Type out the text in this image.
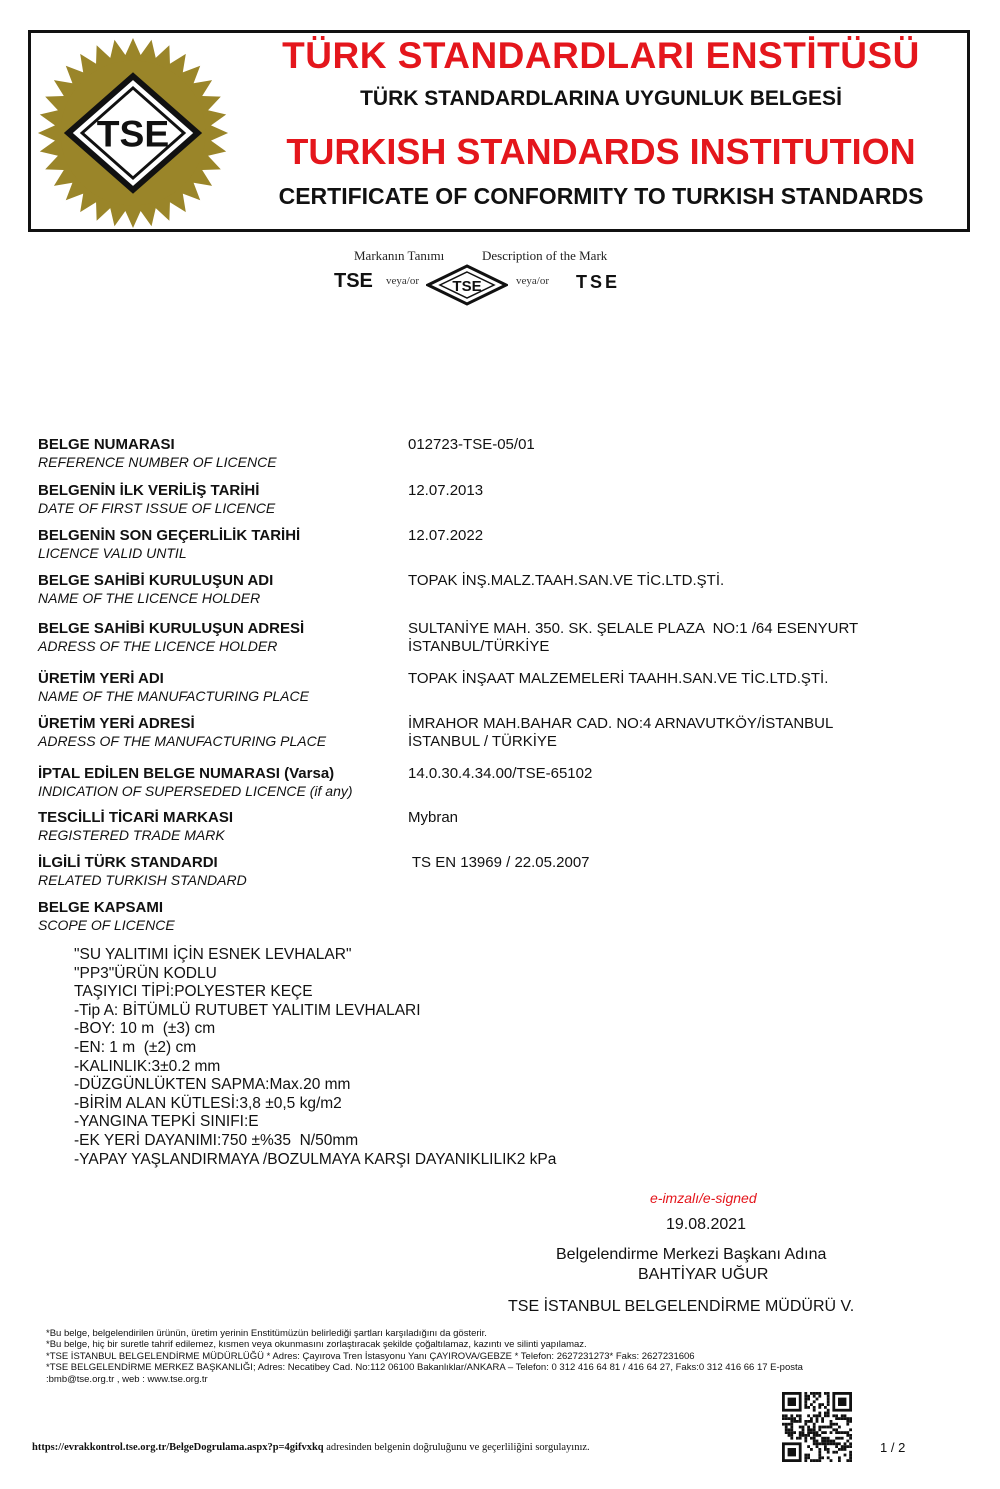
TSE
TÜRK STANDARDLARI ENSTİTÜSÜ
TÜRK STANDARDLARINA UYGUNLUK BELGESİ
TURKISH STANDARDS INSTITUTION
CERTIFICATE OF CONFORMITY TO TURKISH STANDARDS
Markanın Tanımı	Description of the Mark
TSE veya/or TSE	veya/or TSE
BELGE NUMARASI
REFERENCE NUMBER OF LICENCE
012723-TSE-05/01
BELGENİN İLK VERİLİŞ TARİHİ
DATE OF FIRST ISSUE OF LICENCE
12.07.2013
BELGENİN SON GEÇERLİLİK TARİHİ
LICENCE VALID UNTIL
12.07.2022
BELGE SAHİBİ KURULUŞUN ADI
NAME OF THE LICENCE HOLDER
TOPAK İNŞ.MALZ.TAAH.SAN.VE TİC.LTD.ŞTİ.
BELGE SAHİBİ KURULUŞUN ADRESİ
ADRESS OF THE LICENCE HOLDER
SULTANİYE MAH. 350. SK. ŞELALE PLAZA  NO:1 /64 ESENYURT
İSTANBUL/TÜRKİYE
ÜRETİM YERİ ADI
NAME OF THE MANUFACTURING PLACE
TOPAK İNŞAAT MALZEMELERİ TAAHH.SAN.VE TİC.LTD.ŞTİ.
ÜRETİM YERİ ADRESİ
ADRESS OF THE MANUFACTURING PLACE
İMRAHOR MAH.BAHAR CAD. NO:4 ARNAVUTKÖY/İSTANBUL
İSTANBUL / TÜRKİYE
İPTAL EDİLEN BELGE NUMARASI (Varsa)
INDICATION OF SUPERSEDED LICENCE (if any)
14.0.30.4.34.00/TSE-65102
TESCİLLİ TİCARİ MARKASI
REGISTERED TRADE MARK
Mybran
İLGİLİ TÜRK STANDARDI
RELATED TURKISH STANDARD
TS EN 13969 / 22.05.2007
BELGE KAPSAMI
SCOPE OF LICENCE
"SU YALITIMI İÇİN ESNEK LEVHALAR"
"PP3"ÜRÜN KODLU
TAŞIYICI TİPİ:POLYESTER KEÇE
-Tip A: BİTÜMLÜ RUTUBET YALITIM LEVHALARI
-BOY: 10 m  (±3) cm
-EN: 1 m  (±2) cm
-KALINLIK:3±0.2 mm
-DÜZGÜNLÜKTEN SAPMA:Max.20 mm
-BİRİM ALAN KÜTLESİ:3,8 ±0,5 kg/m2
-YANGINA TEPKİ SINIFI:E
-EK YERİ DAYANIMI:750 ±%35  N/50mm
-YAPAY YAŞLANDIRMAYA /BOZULMAYA KARŞI DAYANIKLILIK2 kPa
e-imzalı/e-signed
19.08.2021
Belgelendirme Merkezi Başkanı Adına
BAHTİYAR UĞUR
TSE İSTANBUL BELGELENDİRME MÜDÜRÜ V.
*Bu belge, belgelendirilen ürünün, üretim yerinin Enstitümüzün belirlediği şartları karşıladığını da gösterir.
*Bu belge, hiç bir suretle tahrif edilemez, kısmen veya okunmasını zorlaştıracak şekilde çoğaltılamaz, kazıntı ve silinti yapılamaz.
*TSE İSTANBUL BELGELENDİRME MÜDÜRLÜĞÜ * Adres: Çayırova Tren İstasyonu Yanı ÇAYIROVA/GEBZE * Telefon: 2627231273* Faks: 2627231606
*TSE BELGELENDİRME MERKEZ BAŞKANLIĞI; Adres: Necatibey Cad. No:112 06100 Bakanlıklar/ANKARA – Telefon: 0 312 416 64 81 / 416 64 27, Faks:0 312 416 66 17 E-posta
:bmb@tse.org.tr , web : www.tse.org.tr
https://evrakkontrol.tse.org.tr/BelgeDogrulama.aspx?p=4gifvxkq adresinden belgenin doğruluğunu ve geçerliliğini sorgulayınız.	1 / 2
